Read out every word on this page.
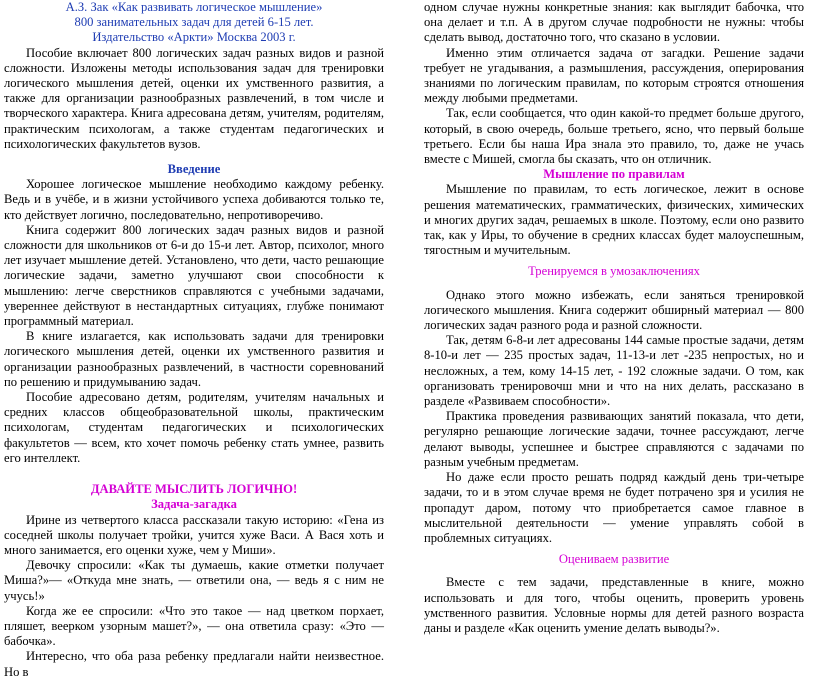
А.З. Зак «Как развивать логическое мышление»
800 занимательных задач для детей 6-15 лет.
Издательство «Аркти» Москва 2003 г.

Пособие включает 800 логических задач разных видов и разной сложности. Изложены методы использования задач для тренировки логического мышления детей, оценки их умственного развития, а также для организации разнообразных развлечений, в том числе и творческого характера. Книга адресована детям, учителям, родителям, практическим психологам, а также студентам педагогических и психологических факультетов вузов.

Введение

Хорошее логическое мышление необходимо каждому ребенку. Ведь и в учёбе, и в жизни устойчивого успеха добиваются только те, кто действует логично, последовательно, непротиворечиво.

Книга содержит 800 логических задач разных видов и разной сложности для школьников от 6-и до 15-и лет. Автор, психолог, много лет изучает мышление детей. Установлено, что дети, часто решающие логические задачи, заметно улучшают свои способности к мышлению: легче сверстников справляются с учебными задачами, увереннее действуют в нестандартных ситуациях, глубже понимают программный материал.

В книге излагается, как использовать задачи для тренировки логического мышления детей, оценки их умственного развития и организации разнообразных развлечений, в частности соревнований по решению и придумыванию задач.

Пособие адресовано детям, родителям, учителям начальных и средних классов общеобразовательной школы, практическим психологам, студентам педагогических и психологических факультетов — всем, кто хочет помочь ребенку стать умнее, развить его интеллект.

ДАВАЙТЕ МЫСЛИТЬ ЛОГИЧНО!
Задача-загадка

Ирине из четвертого класса рассказали такую историю: «Гена из соседней школы получает тройки, учится хуже Васи. А Вася хоть и много занимается, его оценки хуже, чем у Миши».

Девочку спросили: «Как ты думаешь, какие отметки получает Миша?»— «Откуда мне знать, — ответили она, — ведь я с ним не учусь!»

Когда же ее спросили: «Что это такое — над цветком порхает, пляшет, веерком узорным машет?», — она ответила сразу: «Это — бабочка».

Интересно, что оба раза ребенку предлагали найти неизвестное. Но в

одном случае нужны конкретные знания: как выглядит бабочка, что она делает и т.п. А в другом случае подробности не нужны: чтобы сделать вывод, достаточно того, что сказано в условии.

Именно этим отличается задача от загадки. Решение задачи требует не угадывания, а размышления, рассуждения, оперирования знаниями по логическим правилам, по которым строятся отношения между любыми предметами.

Так, если сообщается, что один какой-то предмет больше другого, который, в свою очередь, больше третьего, ясно, что первый больше третьего. Если бы наша Ира знала это правило, то, даже не учась вместе с Мишей, смогла бы сказать, что он отличник.

Мышление по правилам

Мышление по правилам, то есть логическое, лежит в основе решения математических, грамматических, физических, химических и многих других задач, решаемых в школе. Поэтому, если оно развито так, как у Иры, то обучение в средних классах будет малоуспешным, тягостным и мучительным.

Тренируемся в умозаключениях

Однако этого можно избежать, если заняться тренировкой логического мышления. Книга содержит обширный материал — 800 логических задач разного рода и разной сложности.

Так, детям 6-8-и лет адресованы 144 самые простые задачи, детям 8-10-и лет — 235 простых задач, 11-13-и лет -235 непростых, но и несложных, а тем, кому 14-15 лет, - 192 сложные задачи. О том, как организовать тренировочш мни и что на них делать, рассказано в разделе «Развиваем способности».

Практика проведения развивающих занятий показала, что дети, регулярно решающие логические задачи, точнее рассуждают, легче делают выводы, успешнее и быстрее справляются с задачами по разным учебным предметам.

Но даже если просто решать подряд каждый день три-четыре задачи, то и в этом случае время не будет потрачено зря и усилия не пропадут даром, потому что приобретается самое главное в мыслительной деятельности — умение управлять собой в проблемных ситуациях.

Оцениваем развитие

Вместе с тем задачи, представленные в книге, можно использовать и для того, чтобы оценить, проверить уровень умственного развития. Условные нормы для детей разного возраста даны и разделе «Как оценить умение делать выводы?».
